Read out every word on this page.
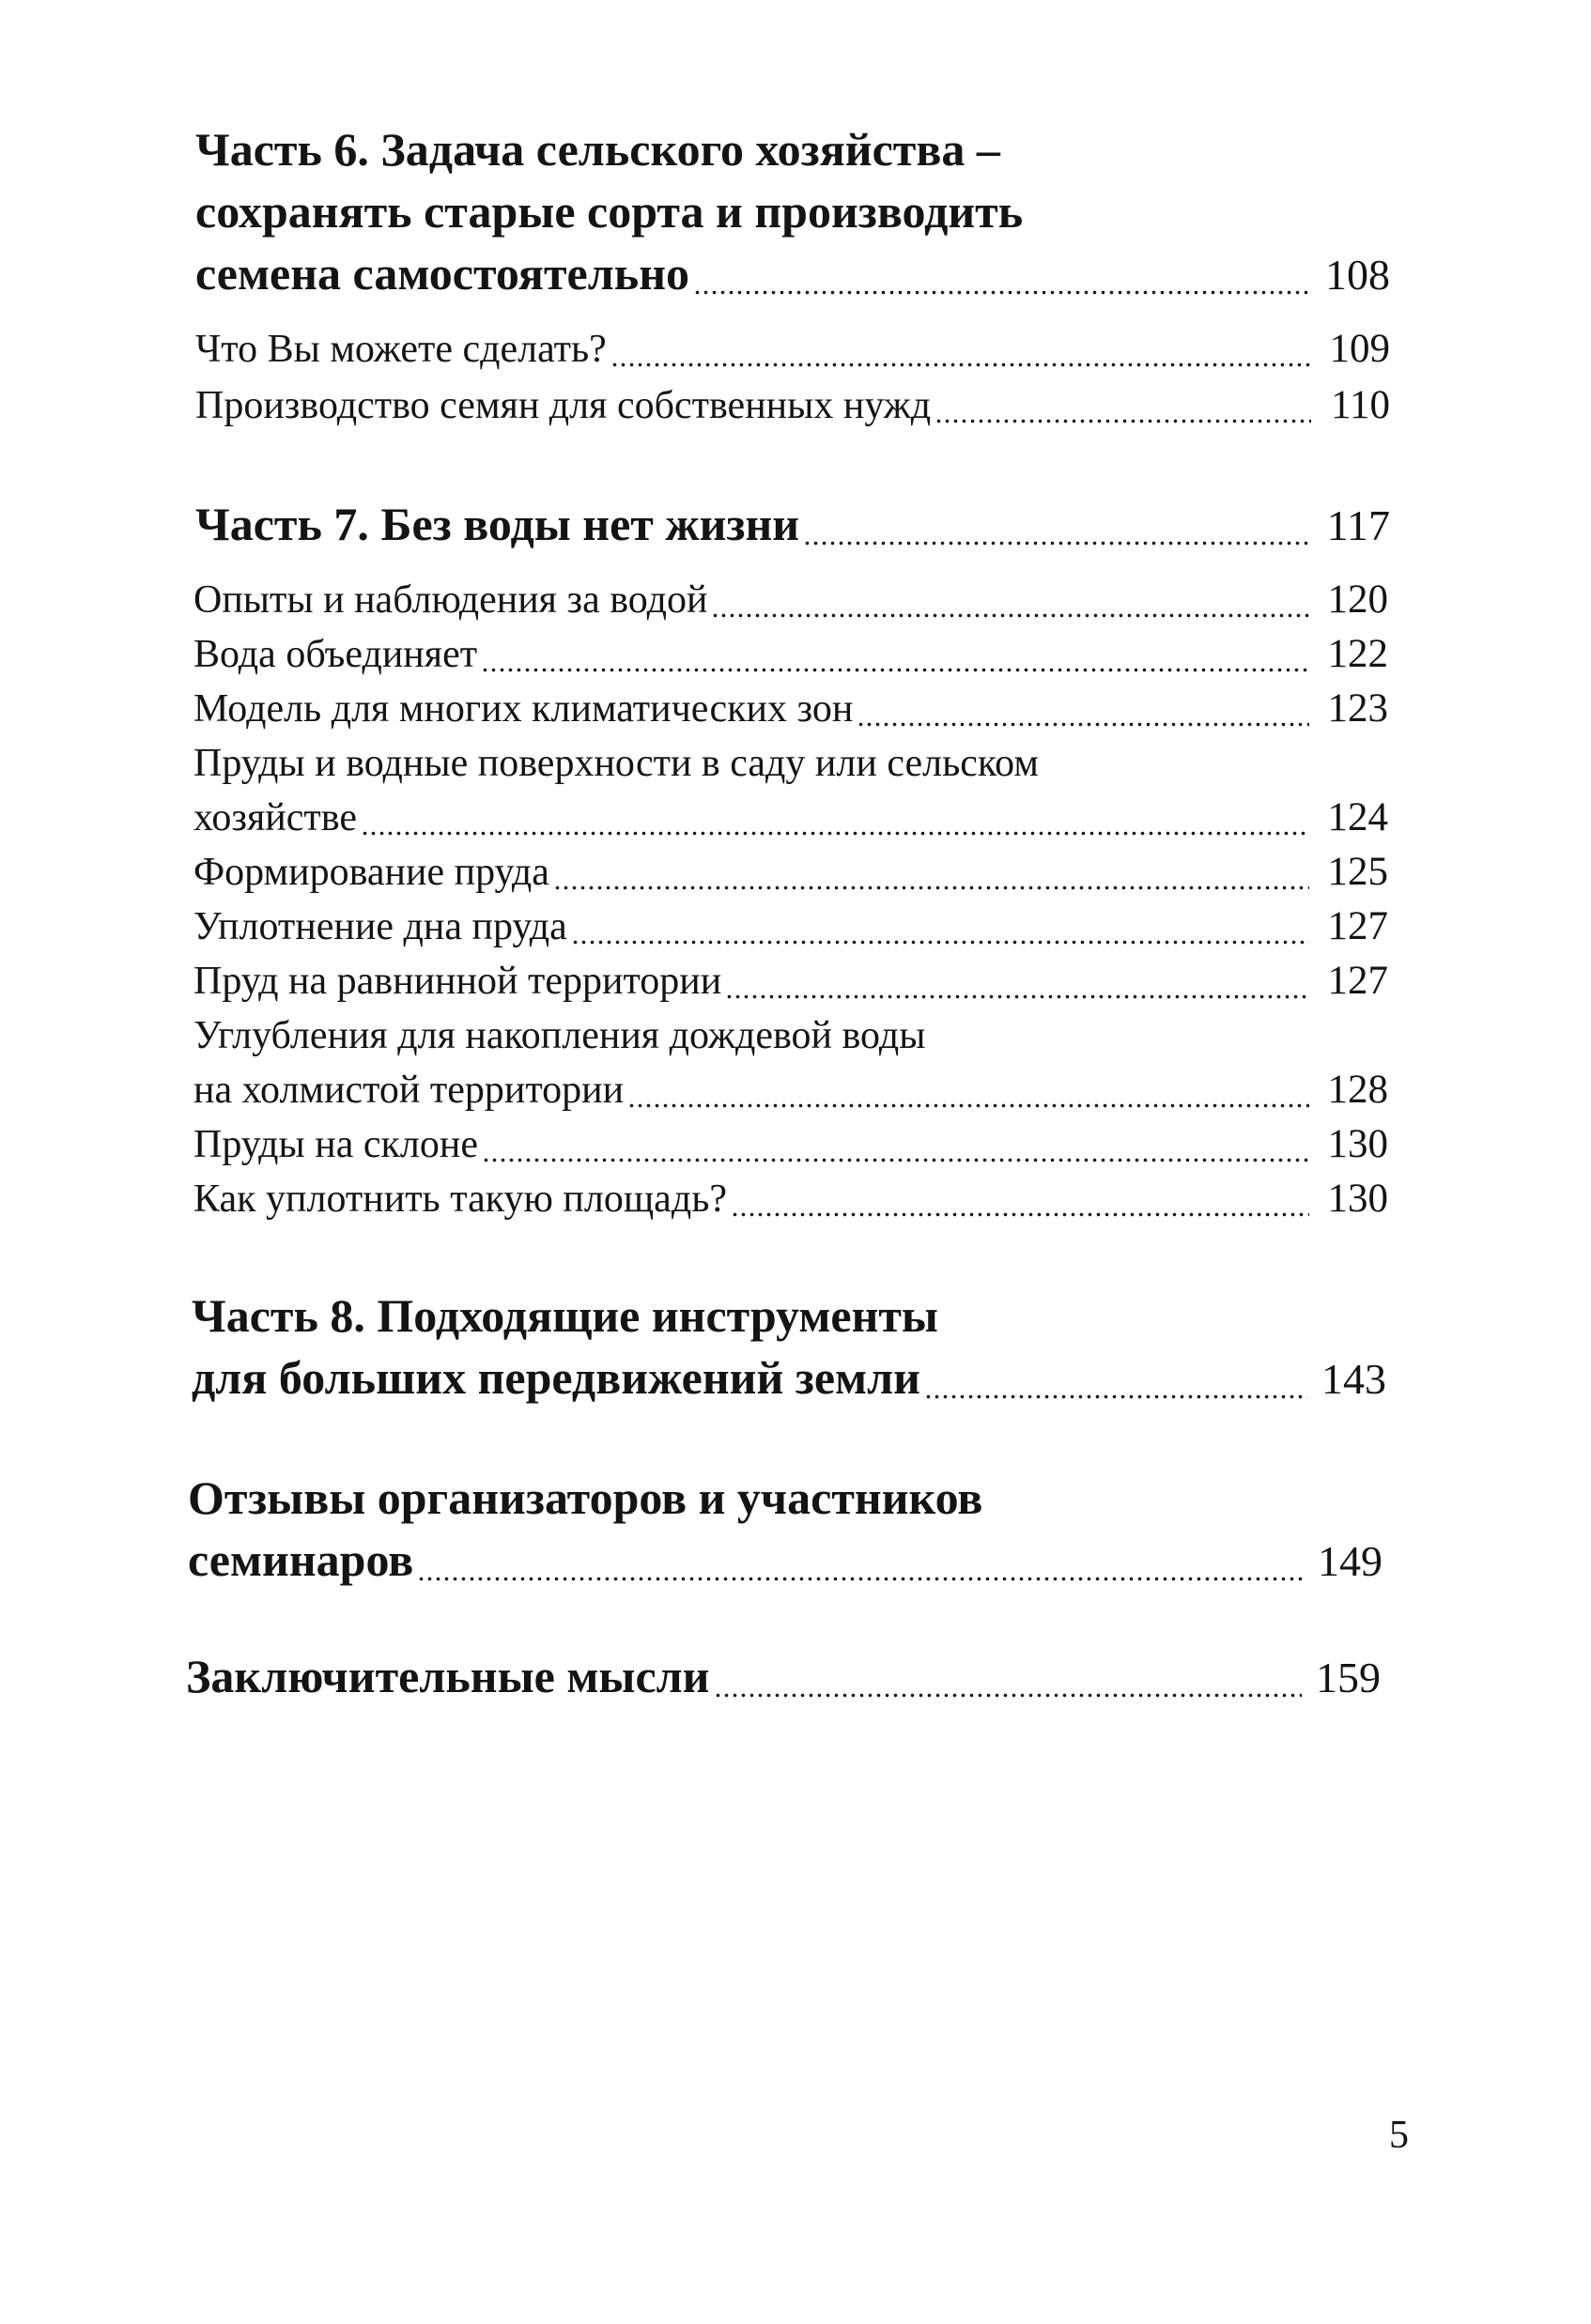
Часть 6. Задача сельского хозяйства –
сохранять старые сорта и производить
семена самостоятельно	108
Что Вы можете сделать?	109
Производство семян для собственных нужд	110
Часть 7. Без воды нет жизни	117
Опыты и наблюдения за водой	120
Вода объединяет	122
Модель для многих климатических зон	123
Пруды и водные поверхности в саду или сельском
хозяйстве	124
Формирование пруда	125
Уплотнение дна пруда	127
Пруд на равнинной территории	127
Углубления для накопления дождевой воды
на холмистой территории	128
Пруды на склоне	130
Как уплотнить такую площадь?	130
Часть 8. Подходящие инструменты
для больших передвижений земли	143
Отзывы организаторов и участников
семинаров	149
Заключительные мысли	159
5
